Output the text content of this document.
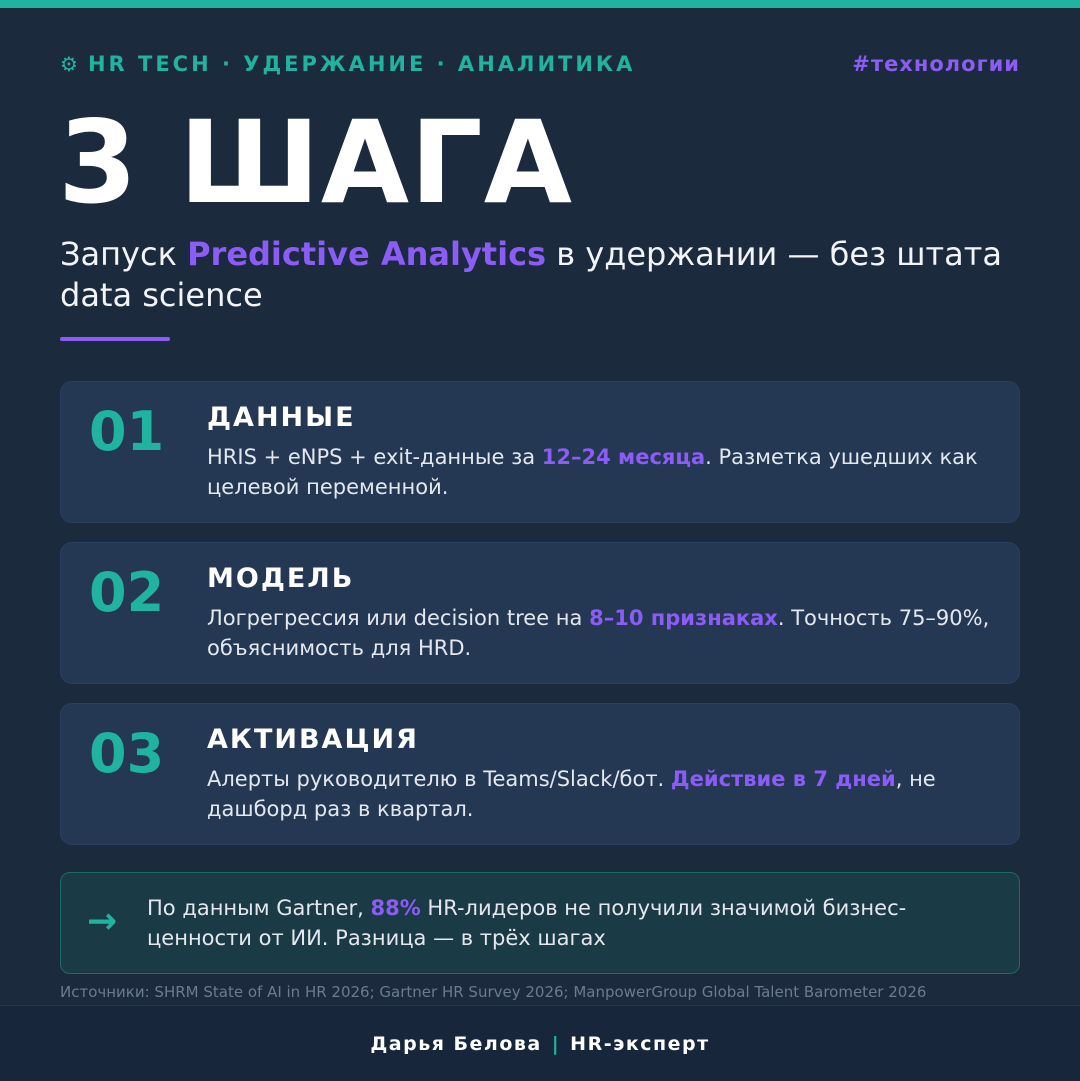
⚙ HR TECH · УДЕРЖАНИЕ · АНАЛИТИКА	#технологии
3 ШАГА
Запуск Predictive Analytics в удержании — без штата data science
01 ДАННЫЕ
HRIS + eNPS + exit-данные за 12–24 месяца. Разметка ушедших как целевой переменной.
02 МОДЕЛЬ
Логрегрессия или decision tree на 8–10 признаках. Точность 75–90%, объяснимость для HRD.
03 АКТИВАЦИЯ
Алерты руководителю в Teams/Slack/бот. Действие в 7 дней, не дашборд раз в квартал.
→ По данным Gartner, 88% HR-лидеров не получили значимой бизнес-ценности от ИИ. Разница — в трёх шагах
Источники: SHRM State of AI in HR 2026; Gartner HR Survey 2026; ManpowerGroup Global Talent Barometer 2026
Дарья Белова | HR-эксперт
